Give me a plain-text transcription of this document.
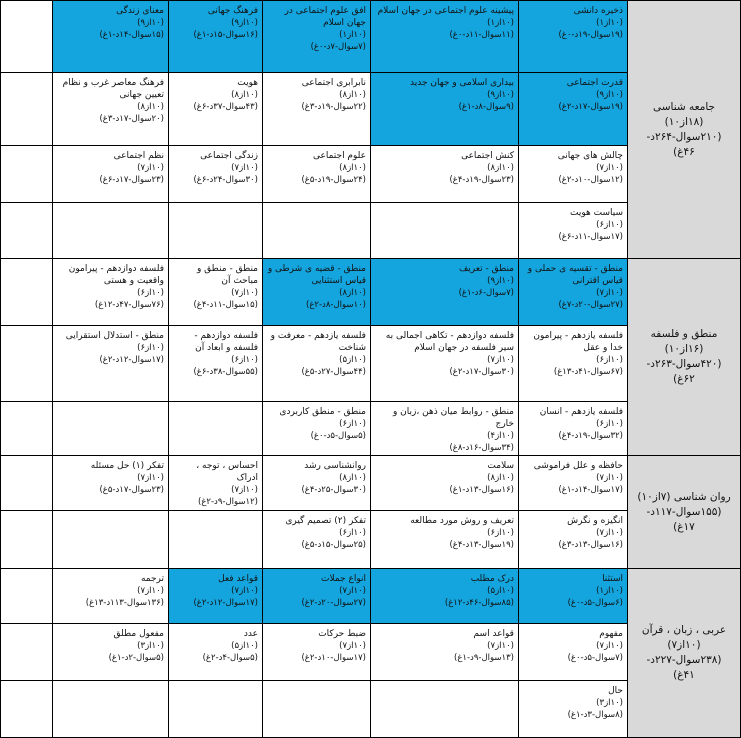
ذخیره دانشی
(۱۰از۱)
(۱۹سوال-۱۹د-۰غ)
پیشینه علوم اجتماعی در جهان اسلام
(۱۰از۱)
(۱۱سوال-۱۱د-۰غ)
افق علوم اجتماعی در جهان اسلام
(۱۰از۱)
(۷سوال-۷د-۰غ)
فرهنگ جهانی
(۱۰از۹)
(۱۶سوال-۱۵د-۱غ)
معنای زندگی
(۱۰از۹)
(۱۵سوال-۱۴د-۱غ)
قدرت اجتماعی
(۱۰از۹)
(۱۹سوال-۱۷د-۲غ)
بیداری اسلامی و جهان جدید
(۱۰از۹)
(۹سوال-۸د-۱غ)
نابرابری اجتماعی
(۱۰از۸)
(۲۲سوال-۱۹د-۳غ)
هویت
(۱۰از۸)
(۴۳سوال-۳۷د-۶غ)
فرهنگ معاصر غرب و نظام تعیین جهانی
(۱۰از۸)
(۲۰سوال-۱۷د-۳غ)
چالش های جهانی
(۱۰از۷)
(۱۲سوال-۱۰د-۲غ)
کنش اجتماعی
(۱۰از۸)
(۲۳سوال-۱۹د-۴غ)
علوم اجتماعی
(۱۰از۸)
(۲۴سوال-۱۹د-۵غ)
زندگی اجتماعی
(۱۰از۷)
(۳۰سوال-۲۴د-۶غ)
نظم اجتماعی
(۱۰از۷)
(۲۳سوال-۱۷د-۶غ)
سیاست هویت
(۱۰از۶)
(۱۷سوال-۱۱د-۶غ)
منطق - تقسیه ی حملی و قیاس اقترانی
(۱۰از۷)
(۲۷سوال-۲۰د-۷غ)
منطق - تعریف
(۱۰از۹)
(۷سوال-۶د-۱غ)
منطق - قضیه ی شرطی و قیاس استثنایی
(۱۰از۸)
(۱۰سوال-۸د-۲غ)
منطق - منطق و مباحث آن
(۱۰از۷)
(۱۵سوال-۱۱د-۴غ)
فلسفه دوازدهم - پیرامون واقعیت و هستی
(۱۰از۶)
(۷۶سوال-۴۷د-۱۲غ)
فلسفه یازدهم - پیرامون خدا و عقل
(۱۰از۶)
(۶۷سوال-۴۱د-۱۳غ)
فلسفه دوازدهم - تکاهی اجمالی به سیر فلسفه در جهان اسلام
(۱۰از۷)
(۳۰سوال-۱۷د-۲غ)
فلسفه یازدهم - معرفت و شناخت
(۱۰از۵)
(۴۴سوال-۲۷د-۵غ)
فلسفه دوازدهم - فلسفه و ابعاد آن
(۱۰از۶)
(۵۵سوال-۳۸د-۶غ)
منطق - استدلال استقرایی
(۱۰از۶)
(۱۷سوال-۱۲د-۲غ)
فلسفه یازدهم - انسان
(۱۰از۶)
(۳۲سوال-۱۹د-۴غ)
منطق - روابط میان ذهن ،زبان و خارج
(۱۰از۴)
(۳۴سوال-۱۶د-۸غ)
منطق - منطق کاربردی
(۱۰از۶)
(۵سوال-۵د-۰غ)
حافظه و علل فراموشی
(۱۰از۷)
(۱۷سوال-۱۴د-۱غ)
سلامت
(۱۰از۸)
(۱۶سوال-۱۳د-۱غ)
روانشناسی رشد
(۱۰از۸)
(۳۰سوال-۲۵د-۴غ)
احساس ، توجه ، ادراک
(۱۰از۷)
(۱۲سوال-۹د-۲غ)
تفکر (۱) حل مسئله
(۱۰از۷)
(۲۳سوال-۱۷د-۵غ)
انگیزه و نگرش
(۱۰از۷)
(۱۶سوال-۱۳د-۳غ)
تعریف و روش مورد مطالعه
(۱۰از۶)
(۱۹سوال-۱۳د-۴غ)
تفکر (۲) تصمیم گیری
(۱۰از۶)
(۲۵سوال-۱۵د-۵غ)
استثنا
(۱۰از۱)
(۶سوال-۵د-۰غ)
درک مطلب
(۱۰از۵)
(۸۵سوال-۴۶د-۱۲غ)
انواع جملات
(۱۰از۷)
(۲۷سوال-۲۰د-۲غ)
قواعد فعل
(۱۰از۷)
(۱۷سوال-۱۲د-۲غ)
ترجمه
(۱۰از۷)
(۱۳۶سوال-۱۱۳د-۱۳غ)
مفهوم
(۱۰از۷)
(۷سوال-۵د-۰غ)
قواعد اسم
(۱۰از۷)
(۱۳سوال-۹د-۱غ)
ضبط حرکات
(۱۰از۷)
(۱۷سوال-۱۰د-۲غ)
عدد
(۱۰از۵)
(۵سوال-۴د-۲غ)
مفعول مطلق
(۱۰از۳)
(۵سوال-۲د-۱غ)
حال
(۱۰از۳)
(۸سوال-۳د-۱غ)
جامعه شناسی (۱۸از۱۰)
(۲۱۰سوال-۲۶۴د-
۴۶غ)
منطق و فلسفه (۱۶از۱۰)
(۴۲۰سوال-۲۶۳د-
۶۲غ)
روان شناسی (۷از۱۰)
(۱۵۵سوال-۱۱۷د-
۱۷غ)
عربی ، زبان ، قرآن
(۱۰از۷)
(۲۳۸سوال-۲۲۷د-
۴۱غ)
